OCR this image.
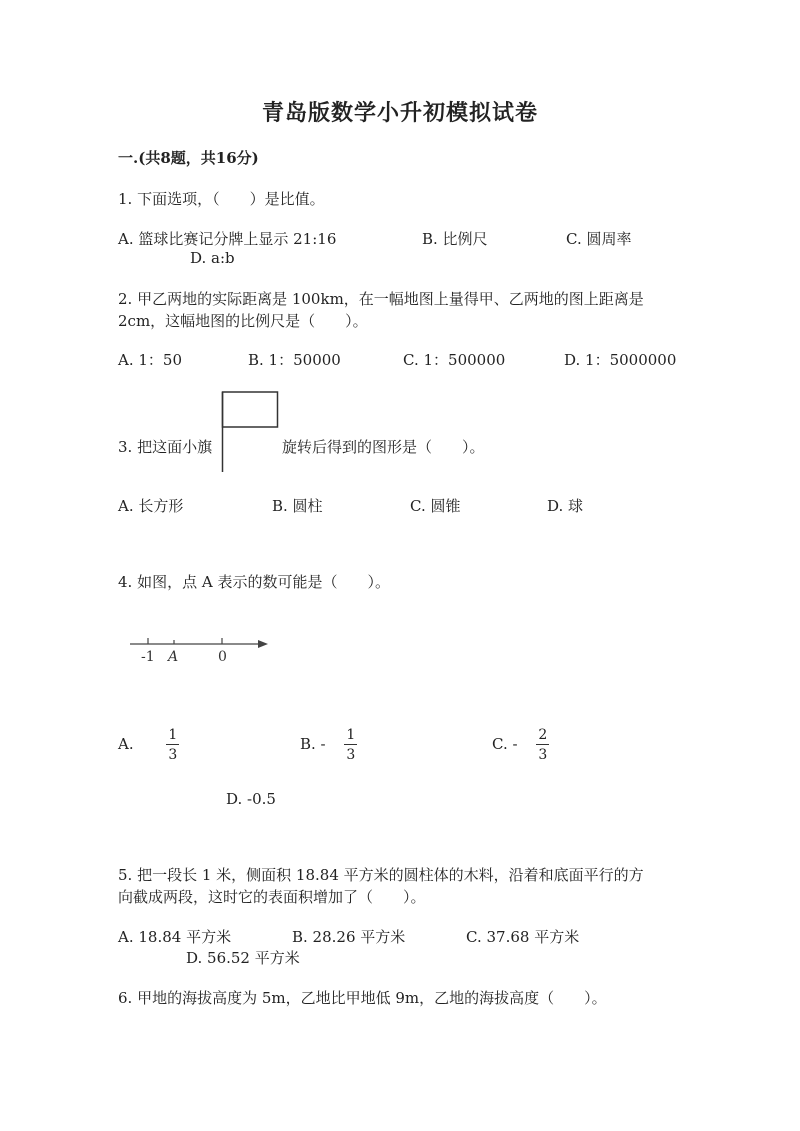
青岛版数学小升初模拟试卷
一.(共8题，共16分)
1. 下面选项，（　　）是比值。
A. 篮球比赛记分牌上显示 21:16	B. 比例尺	C. 圆周率
D. a:b
2. 甲乙两地的实际距离是 100km，在一幅地图上量得甲、乙两地的图上距离是
2cm，这幅地图的比例尺是（　　）。
A. 1：50	B. 1：50000	C. 1：500000	D. 1：5000000
3. 把这面小旗	旋转后得到的图形是（　　）。
A. 长方形	B. 圆柱	C. 圆锥	D. 球
4. 如图，点 A 表示的数可能是（　　）。
-1 A	0
A. $\frac{1}{3}$	B. - $\frac{1}{3}$	C. - $\frac{2}{3}$
D. -0.5
5. 把一段长 1 米，侧面积 18.84 平方米的圆柱体的木料，沿着和底面平行的方
向截成两段，这时它的表面积增加了（　　）。
A. 18.84 平方米	B. 28.26 平方米	C. 37.68 平方米
D. 56.52 平方米
6. 甲地的海拔高度为 5m，乙地比甲地低 9m，乙地的海拔高度（　　）。
